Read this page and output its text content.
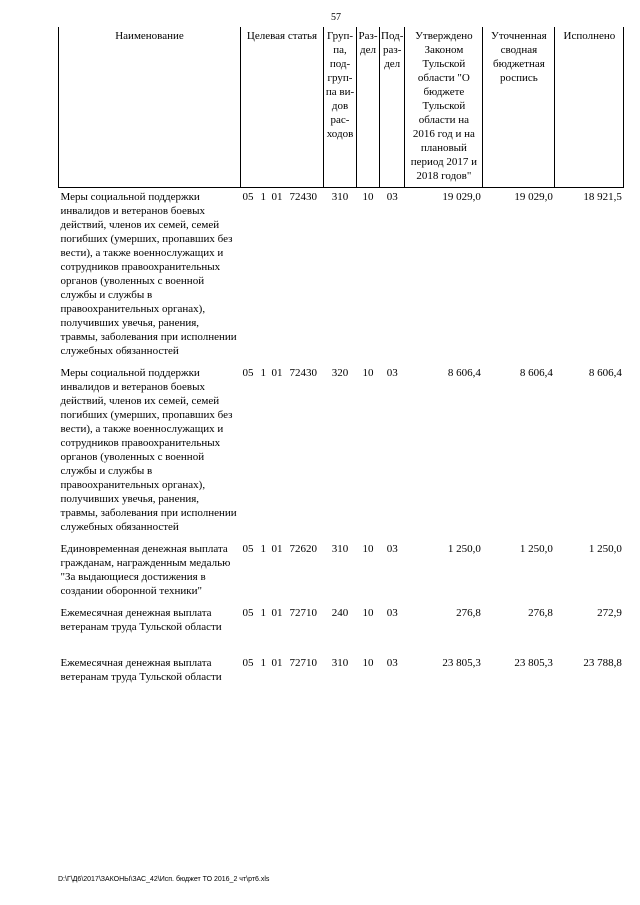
57
Наименование	Целевая статья	Груп-па, под-груп-па ви-дов рас-ходов	Раз-дел	Под-раз-дел	Утверждено Законом Тульской области "О бюджете Тульской области на 2016 год и на плановый период 2017 и 2018 годов"	Уточненная сводная бюджетная роспись	Исполнено
Меры социальной поддержки инвалидов и ветеранов боевых действий, членов их семей, семей погибших (умерших, пропавших без вести), а также военнослужащих и сотрудников правоохранительных органов (уволенных с военной службы и службы в правоохранительных органах), получивших увечья, ранения, травмы, заболевания при исполнении служебных обязанностей	05 1 01 72430	310	10	03	19 029,0	19 029,0	18 921,5
Меры социальной поддержки инвалидов и ветеранов боевых действий, членов их семей, семей погибших (умерших, пропавших без вести), а также военнослужащих и сотрудников правоохранительных органов (уволенных с военной службы и службы в правоохранительных органах), получивших увечья, ранения, травмы, заболевания при исполнении служебных обязанностей	05 1 01 72430	320	10	03	8 606,4	8 606,4	8 606,4
Единовременная денежная выплата гражданам, награжденным медалью "За выдающиеся достижения в создании оборонной техники"	05 1 01 72620	310	10	03	1 250,0	1 250,0	1 250,0
Ежемесячная денежная выплата ветеранам труда Тульской области	05 1 01 72710	240	10	03	276,8	276,8	272,9
Ежемесячная денежная выплата ветеранам труда Тульской области	05 1 01 72710	310	10	03	23 805,3	23 805,3	23 788,8
D:\Г\Д6\2017\ЗАКОНЫ\ЗАС_42\Исп. бюджет ТО 2016_2 чт\рт6.xls
